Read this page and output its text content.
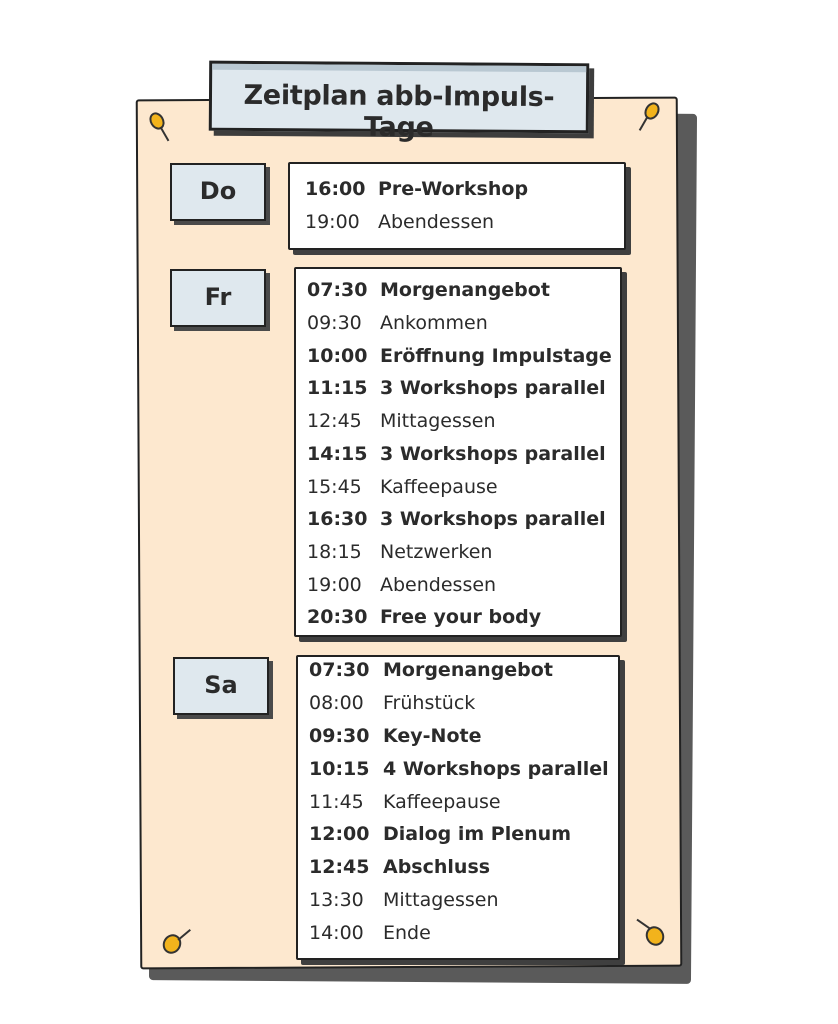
Zeitplan abb-Impuls-Tage
Do
Fr
Sa
16:00 Pre-Workshop
19:00 Abendessen
07:30 Morgenangebot
09:30 Ankommen
10:00 Eröffnung Impulstage
11:15 3 Workshops parallel
12:45 Mittagessen
14:15 3 Workshops parallel
15:45 Kaffeepause
16:30 3 Workshops parallel
18:15 Netzwerken
19:00 Abendessen
20:30 Free your body
07:30 Morgenangebot
08:00 Frühstück
09:30 Key-Note
10:15 4 Workshops parallel
11:45 Kaffeepause
12:00 Dialog im Plenum
12:45 Abschluss
13:30 Mittagessen
14:00 Ende
